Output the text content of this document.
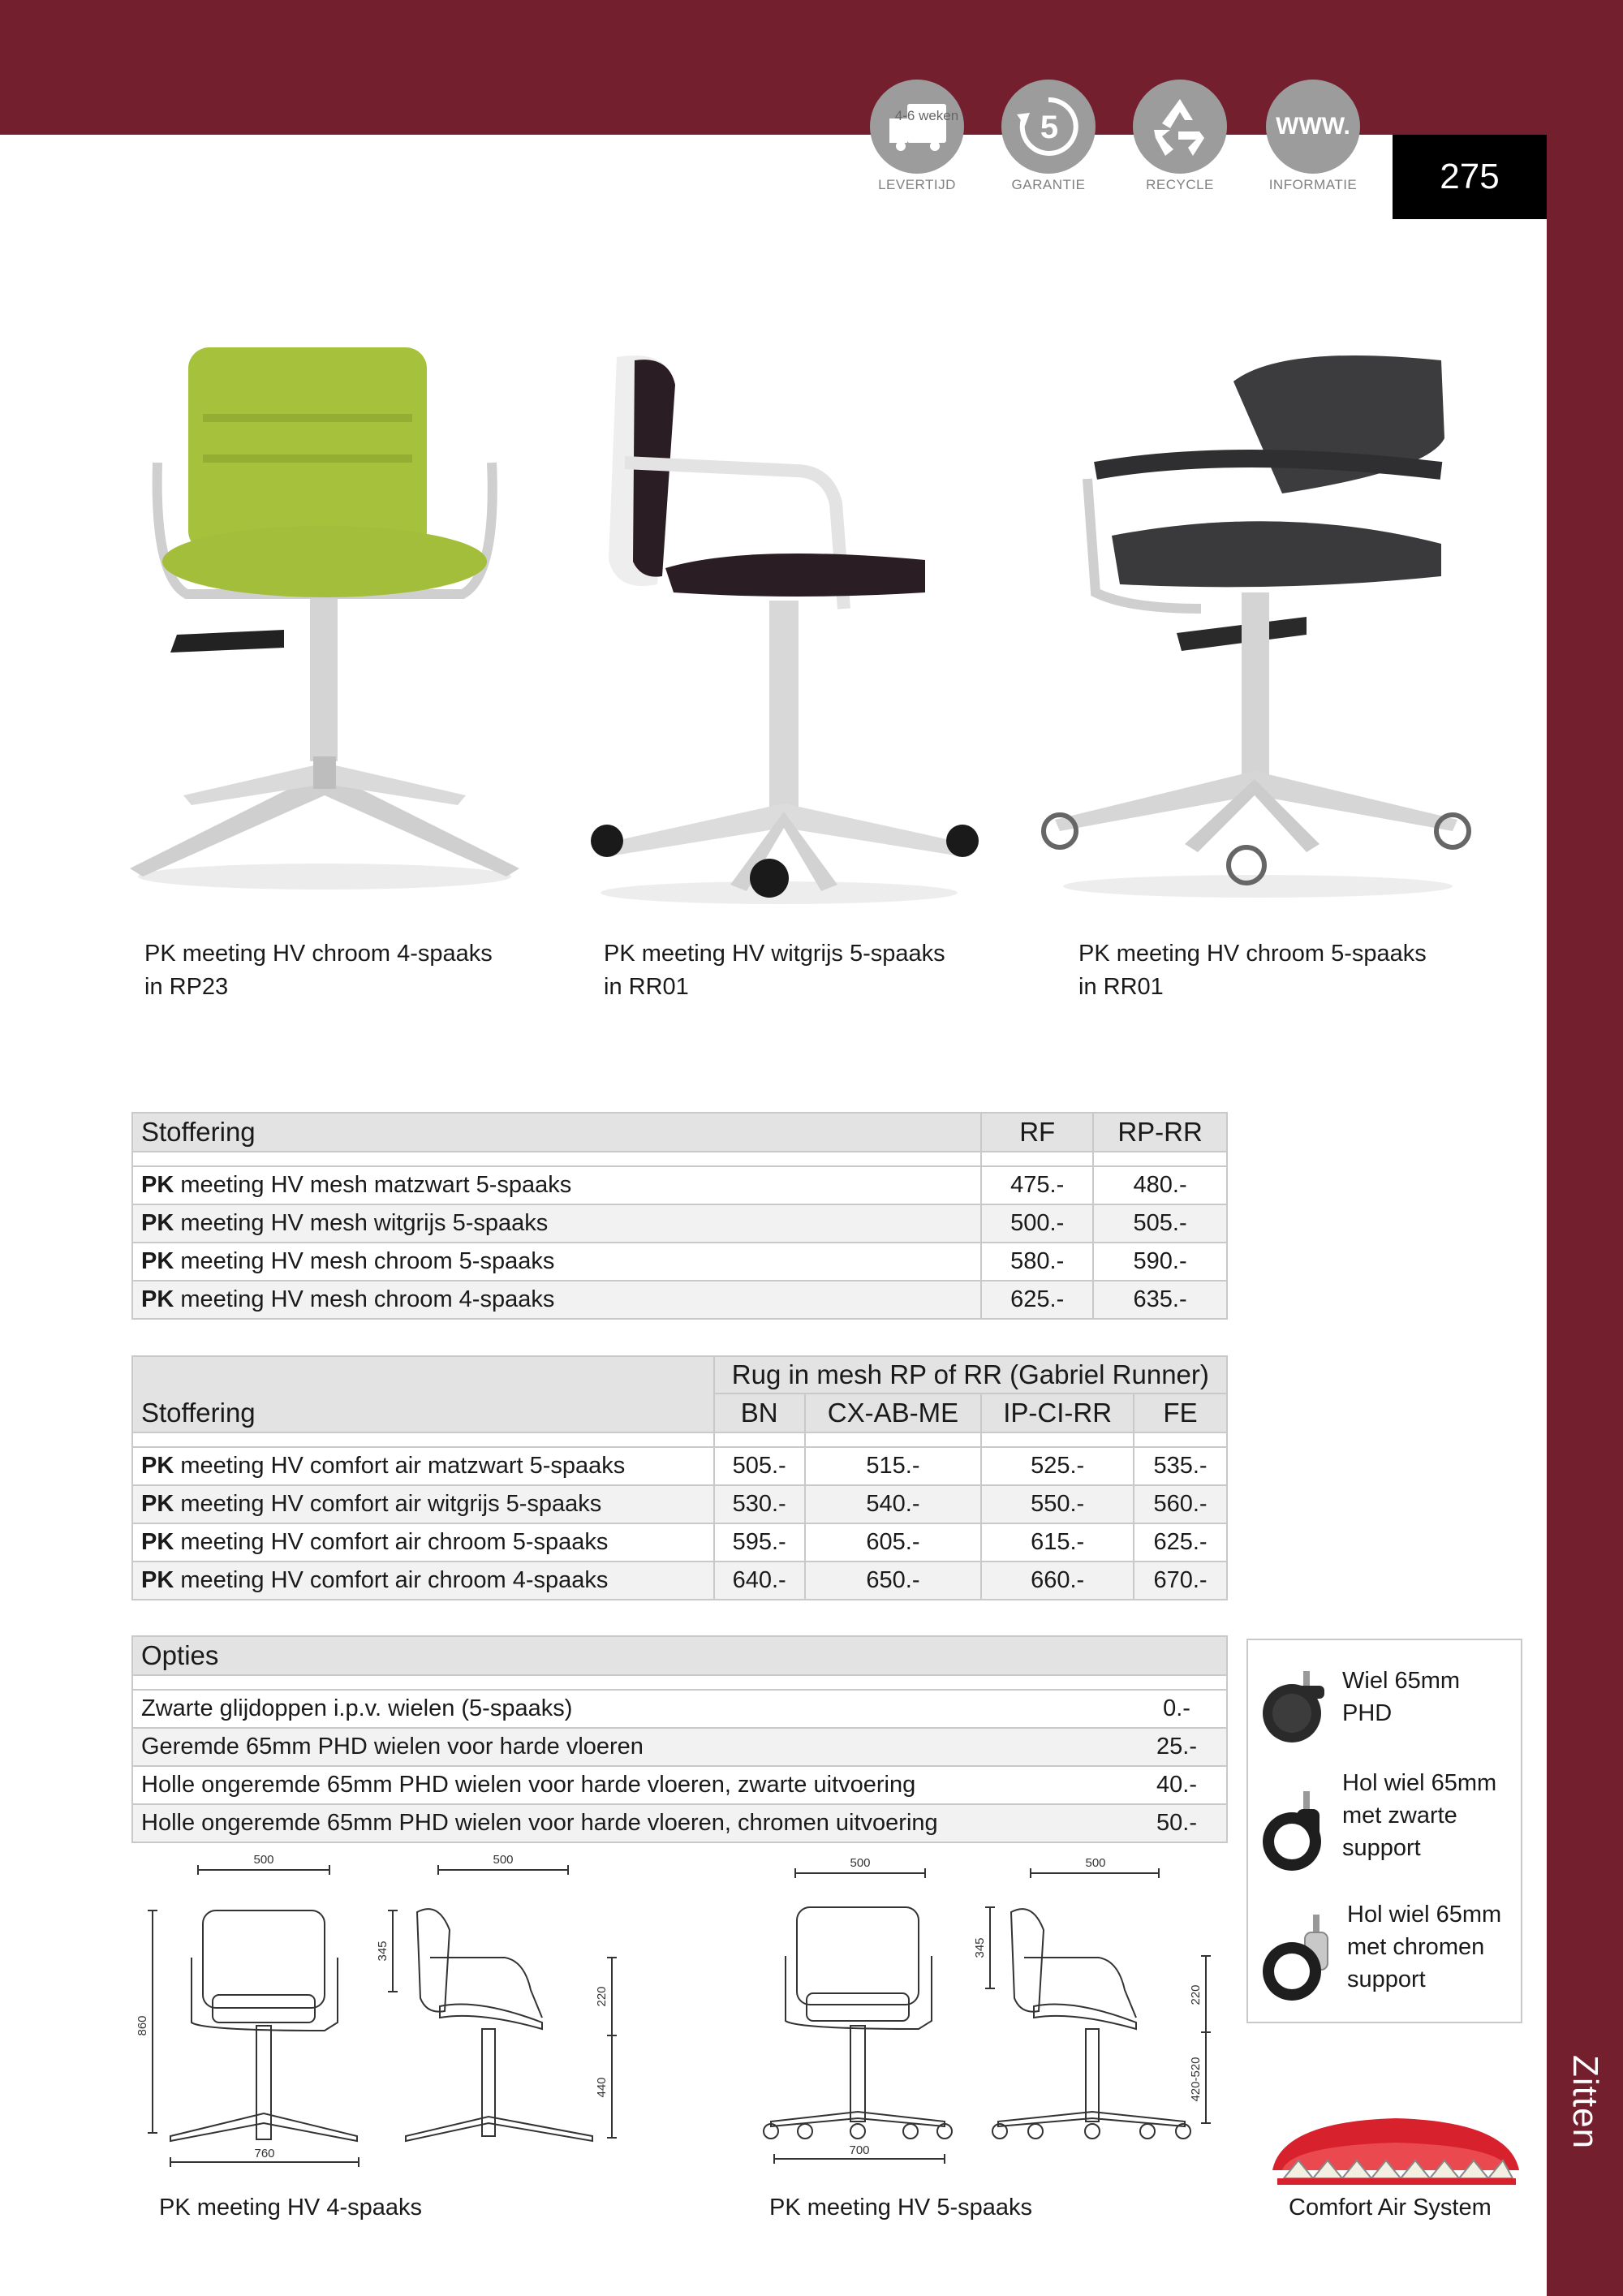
275
Zitten
4-6 weken
LEVERTIJD
5
GARANTIE	RECYCLE
WWW.
INFORMATIE
PK meeting HV chroom 4-spaaks
in RP23
PK meeting HV witgrijs 5-spaaks
in RR01
PK meeting HV chroom 5-spaaks
in RR01
Stoffering	RF	RP-RR

PK meeting HV mesh matzwart 5-spaaks	475.-	480.-
PK meeting HV mesh witgrijs 5-spaaks	500.-	505.-
PK meeting HV mesh chroom 5-spaaks	580.-	590.-
PK meeting HV mesh chroom 4-spaaks	625.-	635.-
	Rug in mesh RP of RR (Gabriel Runner)			
Stoffering	BN	CX-AB-ME	IP-CI-RR	FE

PK meeting HV comfort air matzwart 5-spaaks	505.-	515.-	525.-	535.-
PK meeting HV comfort air witgrijs 5-spaaks	530.-	540.-	550.-	560.-
PK meeting HV comfort air chroom 5-spaaks	595.-	605.-	615.-	625.-
PK meeting HV comfort air chroom 4-spaaks	640.-	650.-	660.-	670.-
Opties	

Zwarte glijdoppen i.p.v. wielen (5-spaaks)	0.-
Geremde 65mm PHD wielen voor harde vloeren	25.-
Holle ongeremde 65mm PHD wielen voor harde vloeren, zwarte uitvoering	40.-
Holle ongeremde 65mm PHD wielen voor harde vloeren, chromen uitvoering	50.-
Wiel 65mm
PHD
Hol wiel 65mm
met zwarte
support
Hol wiel 65mm
met chromen
support
500	500
860
345
220
440
760
500	500
345
220
420-520
700
PK meeting HV 4-spaaks	PK meeting HV 5-spaaks	Comfort Air System
